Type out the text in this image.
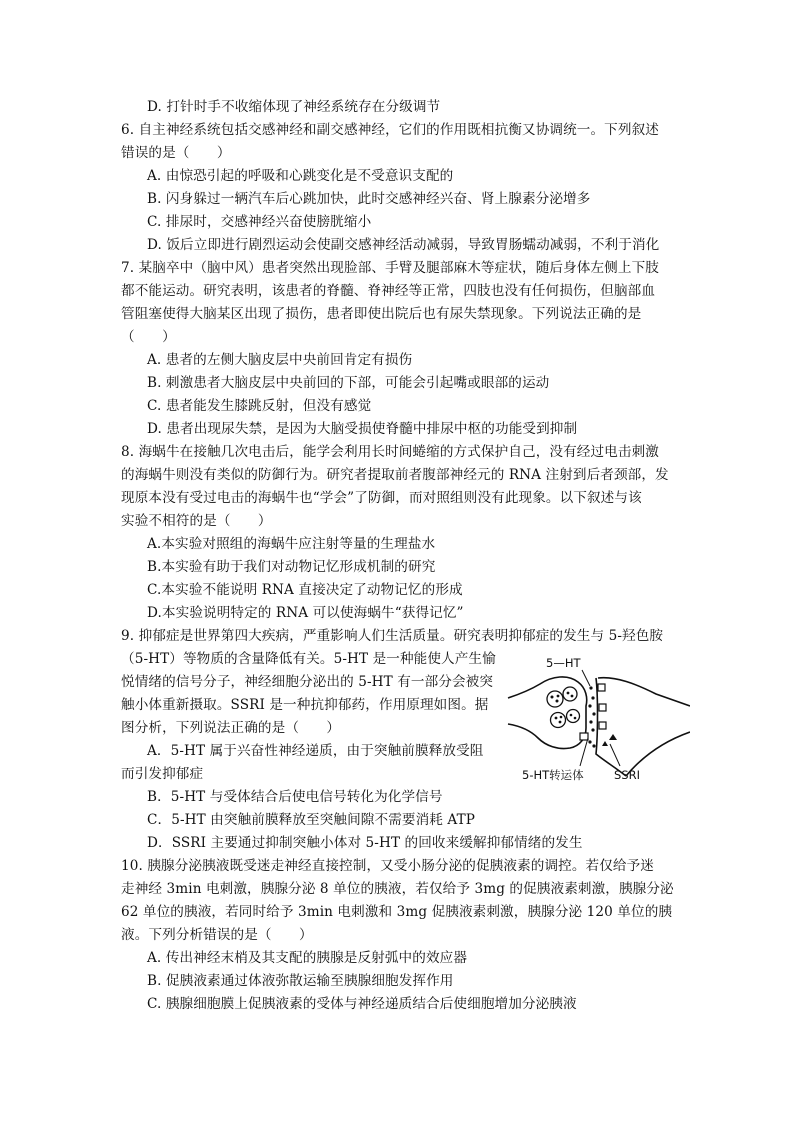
D. 打针时手不收缩体现了神经系统存在分级调节
6. 自主神经系统包括交感神经和副交感神经，它们的作用既相抗衡又协调统一。下列叙述
错误的是（　　）
A. 由惊恐引起的呼吸和心跳变化是不受意识支配的
B. 闪身躲过一辆汽车后心跳加快，此时交感神经兴奋、肾上腺素分泌增多
C. 排尿时，交感神经兴奋使膀胱缩小
D. 饭后立即进行剧烈运动会使副交感神经活动减弱，导致胃肠蠕动减弱，不利于消化
7. 某脑卒中（脑中风）患者突然出现脸部、手臂及腿部麻木等症状，随后身体左侧上下肢
都不能运动。研究表明，该患者的脊髓、脊神经等正常，四肢也没有任何损伤，但脑部血
管阻塞使得大脑某区出现了损伤，患者即使出院后也有尿失禁现象。下列说法正确的是
（　　）
A. 患者的左侧大脑皮层中央前回肯定有损伤
B. 刺激患者大脑皮层中央前回的下部，可能会引起嘴或眼部的运动
C. 患者能发生膝跳反射，但没有感觉
D. 患者出现尿失禁，是因为大脑受损使脊髓中排尿中枢的功能受到抑制
8. 海蜗牛在接触几次电击后，能学会利用长时间蜷缩的方式保护自己，没有经过电击刺激
的海蜗牛则没有类似的防御行为。研究者提取前者腹部神经元的 RNA 注射到后者颈部，发
现原本没有受过电击的海蜗牛也“学会”了防御，而对照组则没有此现象。以下叙述与该
实验不相符的是（　　）
A.本实验对照组的海蜗牛应注射等量的生理盐水
B.本实验有助于我们对动物记忆形成机制的研究
C.本实验不能说明 RNA 直接决定了动物记忆的形成
D.本实验说明特定的 RNA 可以使海蜗牛“获得记忆”
9. 抑郁症是世界第四大疾病，严重影响人们生活质量。研究表明抑郁症的发生与 5-羟色胺
（5-HT）等物质的含量降低有关。5-HT 是一种能使人产生愉
悦情绪的信号分子，神经细胞分泌出的 5-HT 有一部分会被突
触小体重新摄取。SSRI 是一种抗抑郁药，作用原理如图。据
图分析，下列说法正确的是（　　）
A．5-HT 属于兴奋性神经递质，由于突触前膜释放受阻
而引发抑郁症
B．5-HT 与受体结合后使电信号转化为化学信号
C．5-HT 由突触前膜释放至突触间隙不需要消耗 ATP
D．SSRI 主要通过抑制突触小体对 5-HT 的回收来缓解抑郁情绪的发生
10. 胰腺分泌胰液既受迷走神经直接控制，又受小肠分泌的促胰液素的调控。若仅给予迷
走神经 3min 电刺激，胰腺分泌 8 单位的胰液，若仅给予 3mg 的促胰液素刺激，胰腺分泌
62 单位的胰液，若同时给予 3min 电刺激和 3mg 促胰液素刺激，胰腺分泌 120 单位的胰
液。下列分析错误的是（　　）
A. 传出神经末梢及其支配的胰腺是反射弧中的效应器
B. 促胰液素通过体液弥散运输至胰腺细胞发挥作用
C. 胰腺细胞膜上促胰液素的受体与神经递质结合后使细胞增加分泌胰液
5—HT
5-HT转运体	SSRI
